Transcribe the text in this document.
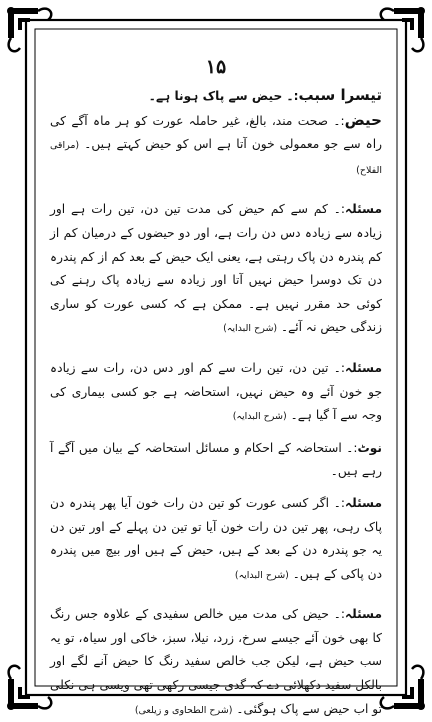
۱۵

تیسرا سبب:۔ حیض سے پاک ہونا ہے۔

حیض:۔ صحت مند، بالغ، غیر حاملہ عورت کو ہر ماہ آگے کی راہ سے جو معمولی خون آتا ہے اس کو حیض کہتے ہیں۔ (مراقی الفلاح)

مسئلہ:۔ کم سے کم حیض کی مدت تین دن، تین رات ہے اور زیادہ سے زیادہ دس دن رات ہے، اور دو حیضوں کے درمیان کم از کم پندرہ دن پاک رہتی ہے، یعنی ایک حیض کے بعد کم از کم پندرہ دن تک دوسرا حیض نہیں آتا اور زیادہ سے زیادہ پاک رہنے کی کوئی حد مقرر نہیں ہے۔ ممکن ہے کہ کسی عورت کو ساری زندگی حیض نہ آئے۔ (شرح البدایہ)

مسئلہ:۔ تین دن، تین رات سے کم اور دس دن، رات سے زیادہ جو خون آئے وہ حیض نہیں، استحاضہ ہے جو کسی بیماری کی وجہ سے آ گیا ہے۔ (شرح البدایہ)

نوٹ:۔ استحاضہ کے احکام و مسائل استحاضہ کے بیان میں آگے آ رہے ہیں۔

مسئلہ:۔ اگر کسی عورت کو تین دن رات خون آیا پھر پندرہ دن پاک رہی، پھر تین دن رات خون آیا تو تین دن پہلے کے اور تین دن یہ جو پندرہ دن کے بعد کے ہیں، حیض کے ہیں اور بیچ میں پندرہ دن پاکی کے ہیں۔ (شرح البدایہ)

مسئلہ:۔ حیض کی مدت میں خالص سفیدی کے علاوہ جس رنگ کا بھی خون آئے جیسے سرخ، زرد، نیلا، سبز، خاکی اور سیاہ، تو یہ سب حیض ہے، لیکن جب خالص سفید رنگ کا حیض آنے لگے اور بالکل سفید دکھلائی دے کہ گدی جیسی رکھی تھی ویسی ہی نکلی تو اب حیض سے پاک ہوگئی۔ (شرح الطحاوی و زیلعی)
